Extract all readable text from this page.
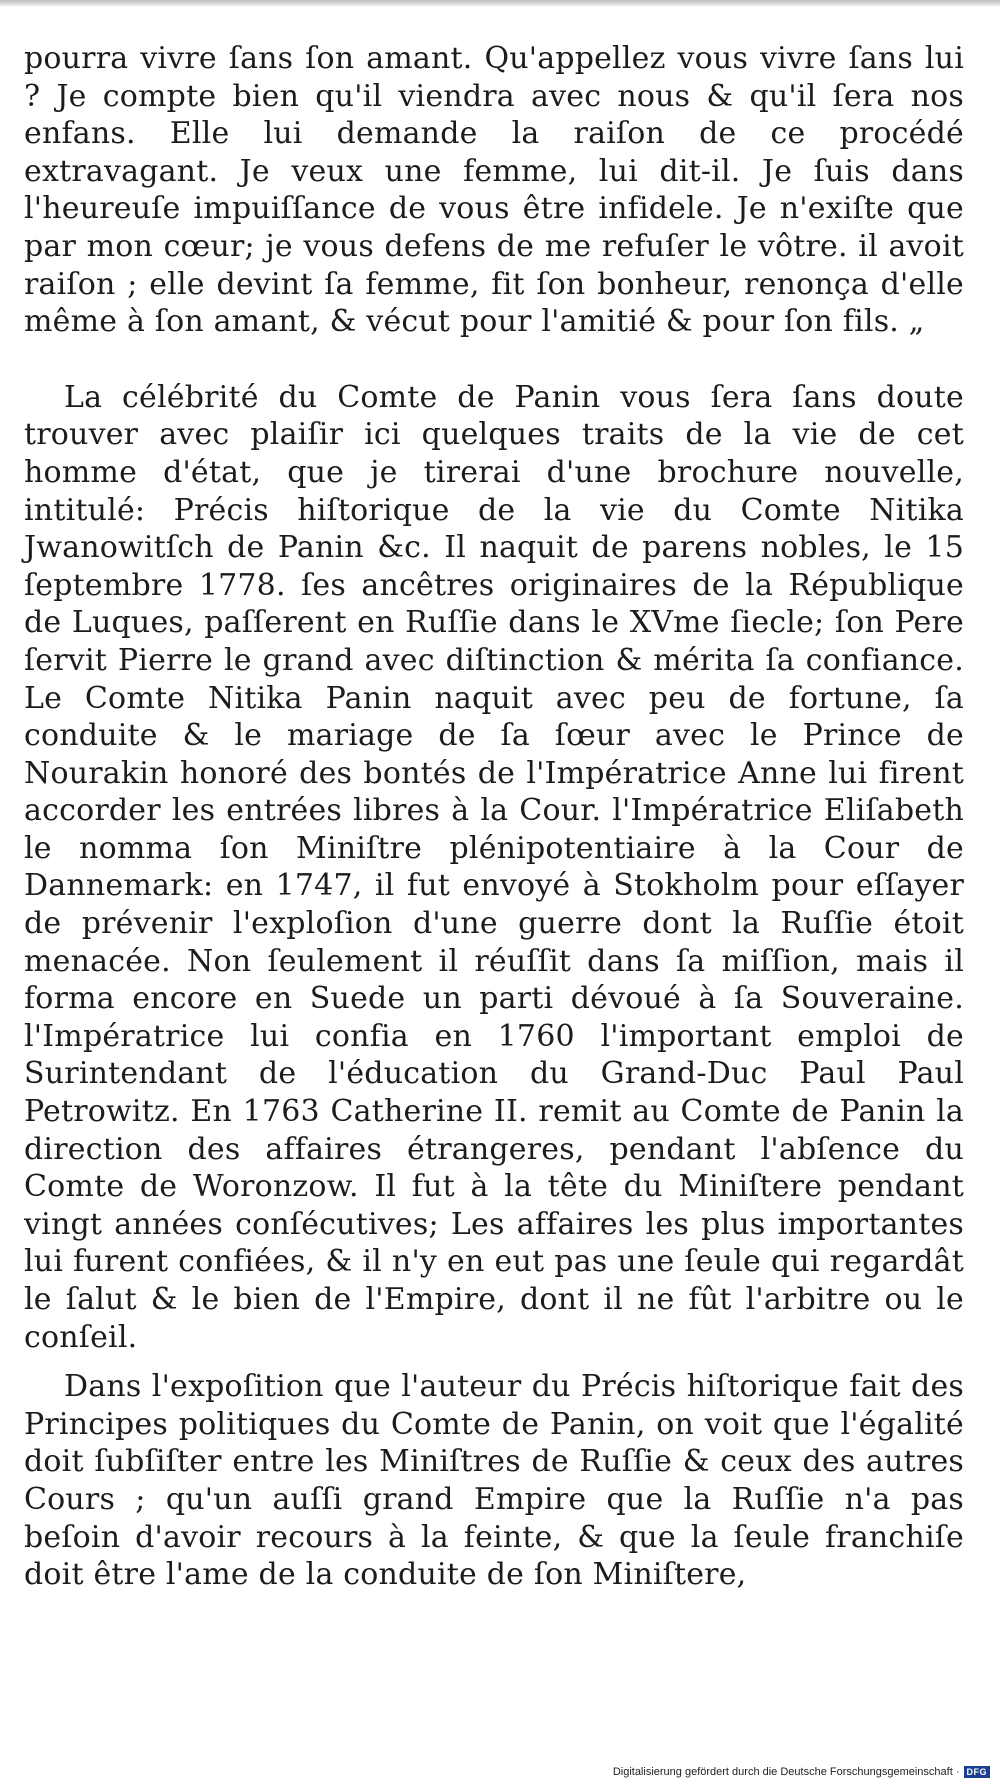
pourra vivre ſans ſon amant. Qu'appellez vous vivre ſans lui ? Je compte bien qu'il viendra avec nous & qu'il ſera nos enfans. Elle lui demande la raiſon de ce procédé extravagant. Je veux une femme, lui dit-il. Je ſuis dans l'heureuſe impuiſſance de vous être infidele. Je n'exiſte que par mon cœur; je vous defens de me refuſer le vôtre. il avoit raiſon ; elle devint ſa femme, fit ſon bonheur, renonça d'elle même à ſon amant, & vécut pour l'amitié & pour ſon fils. „

La célébrité du Comte de Panin vous ſera ſans doute trouver avec plaiſir ici quelques traits de la vie de cet homme d'état, que je tirerai d'une brochure nouvelle, intitulé: Précis hiſtorique de la vie du Comte Nitika Jwanowitſch de Panin &c. Il naquit de parens nobles, le 15 ſeptembre 1778. ſes ancêtres originaires de la République de Luques, paſſerent en Ruſſie dans le XVme ſiecle; ſon Pere ſervit Pierre le grand avec diſtinction & mérita ſa confiance. Le Comte Nitika Panin naquit avec peu de fortune, ſa conduite & le mariage de ſa ſœur avec le Prince de Nourakin honoré des bontés de l'Impératrice Anne lui firent accorder les entrées libres à la Cour. l'Impératrice Eliſabeth le nomma ſon Miniſtre plénipotentiaire à la Cour de Dannemark: en 1747, il fut envoyé à Stokholm pour eſſayer de prévenir l'exploſion d'une guerre dont la Ruſſie étoit menacée. Non ſeulement il réuſſit dans ſa miſſion, mais il forma encore en Suede un parti dévoué à ſa Souveraine. l'Impératrice lui confia en 1760 l'important emploi de Surintendant de l'éducation du Grand-Duc Paul Paul Petrowitz. En 1763 Catherine II. remit au Comte de Panin la direction des affaires étrangeres, pendant l'abſence du Comte de Woronzow. Il fut à la tête du Miniſtere pendant vingt années conſécutives; Les affaires les plus importantes lui furent confiées, & il n'y en eut pas une ſeule qui regardât le ſalut & le bien de l'Empire, dont il ne fût l'arbitre ou le conſeil.

Dans l'expoſition que l'auteur du Précis hiſtorique fait des Principes politiques du Comte de Panin, on voit que l'égalité doit ſubſiſter entre les Miniſtres de Ruſſie & ceux des autres Cours ; qu'un auſſi grand Empire que la Ruſſie n'a pas beſoin d'avoir recours à la feinte, & que la ſeule franchiſe doit être l'ame de la conduite de ſon Miniſtere,

Digitalisierung gefördert durch die Deutsche Forschungsgemeinschaft · DFG
